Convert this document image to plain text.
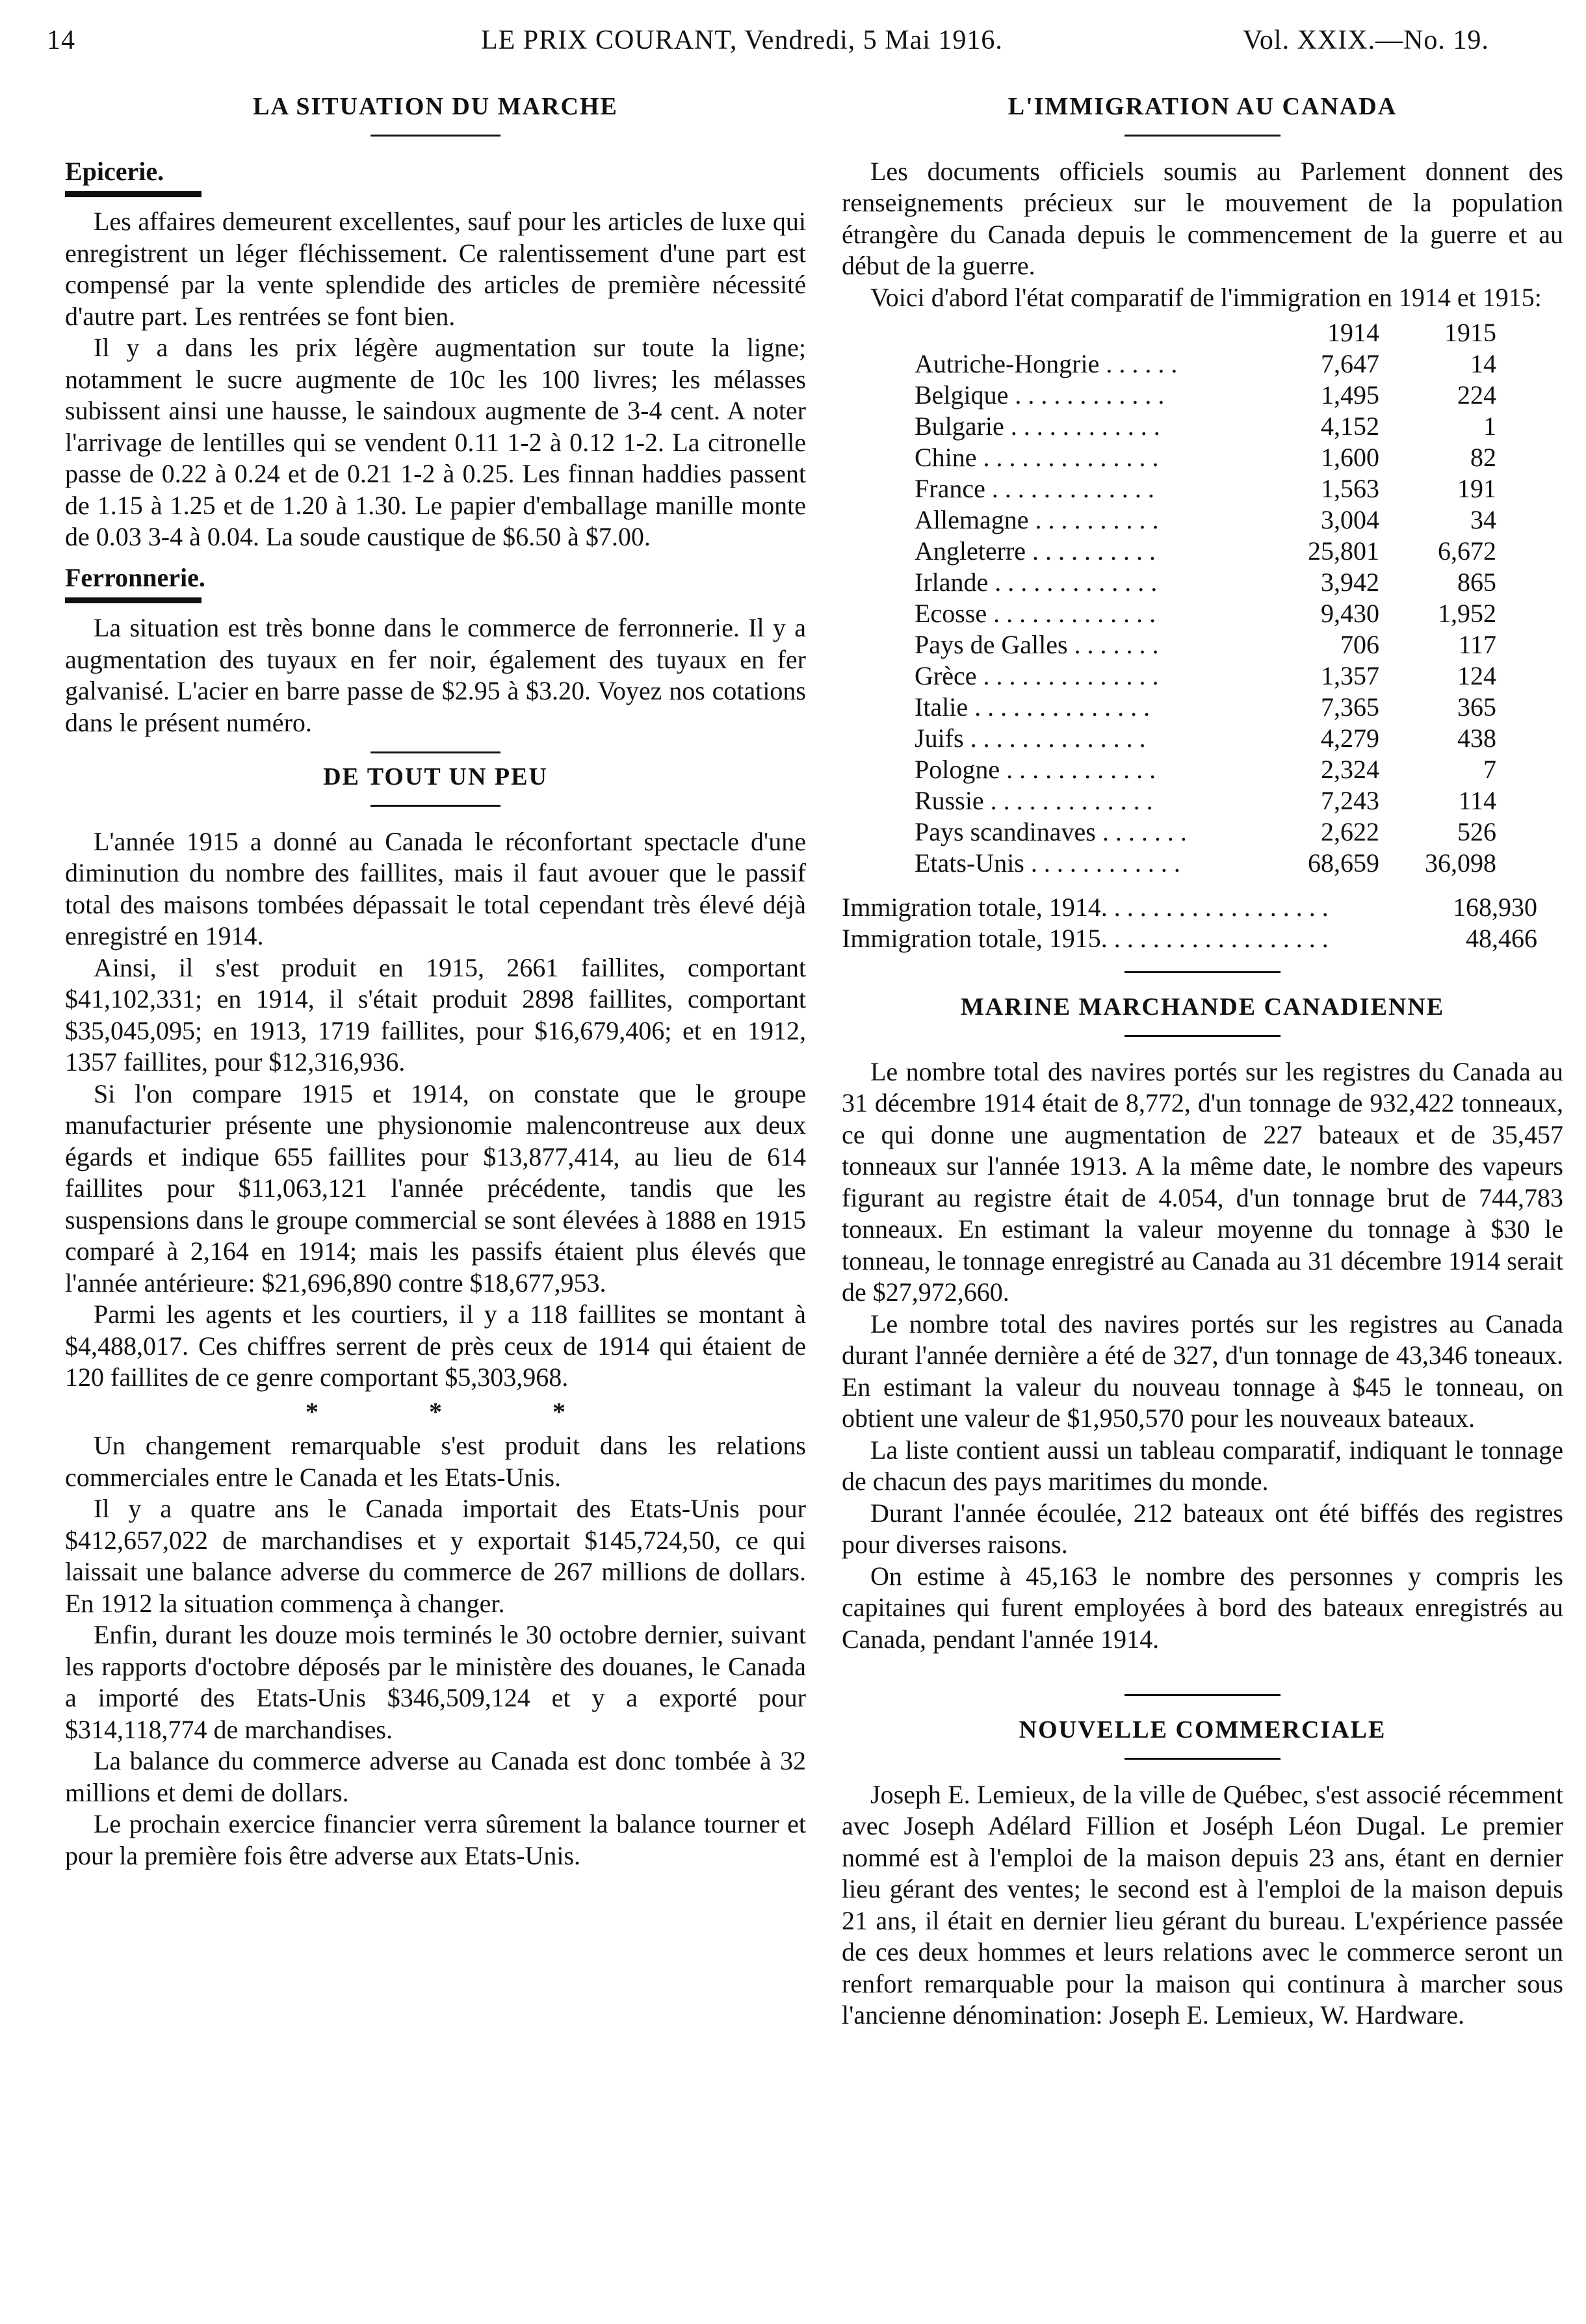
14	LE PRIX COURANT, Vendredi, 5 Mai 1916.	Vol. XXIX.—No. 19.
LA SITUATION DU MARCHE
Epicerie.

Les affaires demeurent excellentes, sauf pour les articles de luxe qui enregistrent un léger fléchissement. Ce ralentissement d'une part est compensé par la vente splendide des articles de première nécessité d'autre part. Les rentrées se font bien.

Il y a dans les prix légère augmentation sur toute la ligne; notamment le sucre augmente de 10c les 100 livres; les mélasses subissent ainsi une hausse, le saindoux augmente de 3-4 cent. A noter l'arrivage de lentilles qui se vendent 0.11 1-2 à 0.12 1-2. La citronelle passe de 0.22 à 0.24 et de 0.21 1-2 à 0.25. Les finnan haddies passent de 1.15 à 1.25 et de 1.20 à 1.30. Le papier d'emballage manille monte de 0.03 3-4 à 0.04. La soude caustique de $6.50 à $7.00.

Ferronnerie.

La situation est très bonne dans le commerce de ferronnerie. Il y a augmentation des tuyaux en fer noir, également des tuyaux en fer galvanisé. L'acier en barre passe de $2.95 à $3.20. Voyez nos cotations dans le présent numéro.

DE TOUT UN PEU

L'année 1915 a donné au Canada le réconfortant spectacle d'une diminution du nombre des faillites, mais il faut avouer que le passif total des maisons tombées dépassait le total cependant très élevé déjà enregistré en 1914.

Ainsi, il s'est produit en 1915, 2661 faillites, comportant $41,102,331; en 1914, il s'était produit 2898 faillites, comportant $35,045,095; en 1913, 1719 faillites, pour $16,679,406; et en 1912, 1357 faillites, pour $12,316,936.

Si l'on compare 1915 et 1914, on constate que le groupe manufacturier présente une physionomie malencontreuse aux deux égards et indique 655 faillites pour $13,877,414, au lieu de 614 faillites pour $11,063,121 l'année précédente, tandis que les suspensions dans le groupe commercial se sont élevées à 1888 en 1915 comparé à 2,164 en 1914; mais les passifs étaient plus élevés que l'année antérieure: $21,696,890 contre $18,677,953.

Parmi les agents et les courtiers, il y a 118 faillites se montant à $4,488,017. Ces chiffres serrent de près ceux de 1914 qui étaient de 120 faillites de ce genre comportant $5,303,968.

* * *

Un changement remarquable s'est produit dans les relations commerciales entre le Canada et les Etats-Unis.

Il y a quatre ans le Canada importait des Etats-Unis pour $412,657,022 de marchandises et y exportait $145,724,50, ce qui laissait une balance adverse du commerce de 267 millions de dollars. En 1912 la situation commença à changer.

Enfin, durant les douze mois terminés le 30 octobre dernier, suivant les rapports d'octobre déposés par le ministère des douanes, le Canada a importé des Etats-Unis $346,509,124 et y a exporté pour $314,118,774 de marchandises.

La balance du commerce adverse au Canada est donc tombée à 32 millions et demi de dollars.

Le prochain exercice financier verra sûrement la balance tourner et pour la première fois être adverse aux Etats-Unis.

L'IMMIGRATION AU CANADA

Les documents officiels soumis au Parlement donnent des renseignements précieux sur le mouvement de la population étrangère du Canada depuis le commencement de la guerre et au début de la guerre.

Voici d'abord l'état comparatif de l'immigration en 1914 et 1915:

	1914	1915
Autriche-Hongrie . . . . . .	7,647	14
Belgique . . . . . . . . . . . .	1,495	224
Bulgarie . . . . . . . . . . . .	4,152	1
Chine . . . . . . . . . . . . . .	1,600	82
France . . . . . . . . . . . . .	1,563	191
Allemagne . . . . . . . . . .	3,004	34
Angleterre . . . . . . . . . .	25,801	6,672
Irlande . . . . . . . . . . . . .	3,942	865
Ecosse . . . . . . . . . . . . .	9,430	1,952
Pays de Galles . . . . . . .	706	117
Grèce . . . . . . . . . . . . . .	1,357	124
Italie . . . . . . . . . . . . . .	7,365	365
Juifs . . . . . . . . . . . . . .	4,279	438
Pologne . . . . . . . . . . . .	2,324	7
Russie . . . . . . . . . . . . .	7,243	114
Pays scandinaves . . . . . . .	2,622	526
Etats-Unis . . . . . . . . . . . .	68,659	36,098
Immigration totale, 1914. . . . . . . . . . . . . . . . . .	168,930
Immigration totale, 1915. . . . . . . . . . . . . . . . . .	48,466
MARINE MARCHANDE CANADIENNE

Le nombre total des navires portés sur les registres du Canada au 31 décembre 1914 était de 8,772, d'un tonnage de 932,422 tonneaux, ce qui donne une augmentation de 227 bateaux et de 35,457 tonneaux sur l'année 1913. A la même date, le nombre des vapeurs figurant au registre était de 4.054, d'un tonnage brut de 744,783 tonneaux. En estimant la valeur moyenne du tonnage à $30 le tonneau, le tonnage enregistré au Canada au 31 décembre 1914 serait de $27,972,660.

Le nombre total des navires portés sur les registres au Canada durant l'année dernière a été de 327, d'un tonnage de 43,346 toneaux. En estimant la valeur du nouveau tonnage à $45 le tonneau, on obtient une valeur de $1,950,570 pour les nouveaux bateaux.

La liste contient aussi un tableau comparatif, indiquant le tonnage de chacun des pays maritimes du monde.

Durant l'année écoulée, 212 bateaux ont été biffés des registres pour diverses raisons.

On estime à 45,163 le nombre des personnes y compris les capitaines qui furent employées à bord des bateaux enregistrés au Canada, pendant l'année 1914.

NOUVELLE COMMERCIALE

Joseph E. Lemieux, de la ville de Québec, s'est associé récemment avec Joseph Adélard Fillion et Joséph Léon Dugal. Le premier nommé est à l'emploi de la maison depuis 23 ans, étant en dernier lieu gérant des ventes; le second est à l'emploi de la maison depuis 21 ans, il était en dernier lieu gérant du bureau. L'expérience passée de ces deux hommes et leurs relations avec le commerce seront un renfort remarquable pour la maison qui continura à marcher sous l'ancienne dénomination: Joseph E. Lemieux, W. Hardware.
